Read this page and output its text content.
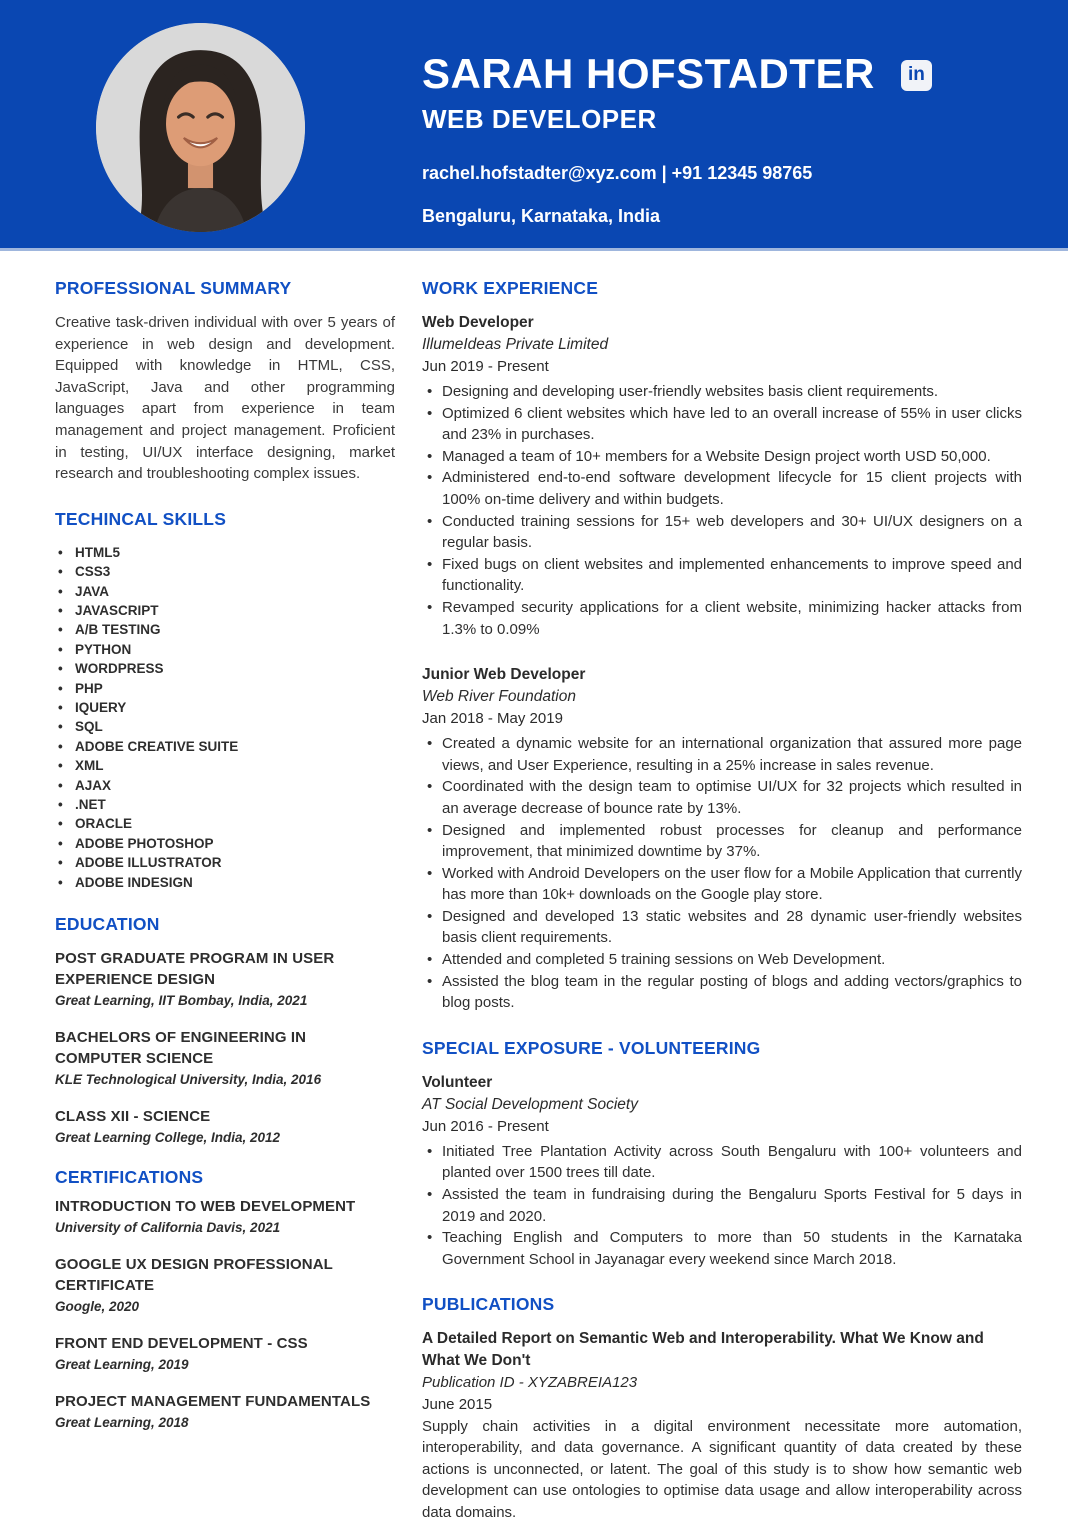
SARAH HOFSTADTER	in
WEB DEVELOPER
rachel.hofstadter@xyz.com | +91 12345 98765
Bengaluru, Karnataka, India
PROFESSIONAL SUMMARY

Creative task-driven individual with over 5 years of experience in web design and development. Equipped with knowledge in HTML, CSS, JavaScript, Java and other programming languages apart from experience in team management and project management. Proficient in testing, UI/UX interface designing, market research and troubleshooting complex issues.

TECHINCAL SKILLS
• HTML5
• CSS3
• JAVA
• JAVASCRIPT
• A/B TESTING
• PYTHON
• WORDPRESS
• PHP
• IQUERY
• SQL
• ADOBE CREATIVE SUITE
• XML
• AJAX
• .NET
• ORACLE
• ADOBE PHOTOSHOP
• ADOBE ILLUSTRATOR
• ADOBE INDESIGN
EDUCATION
POST GRADUATE PROGRAM IN USER EXPERIENCE DESIGN
Great Learning, IIT Bombay, India, 2021
BACHELORS OF ENGINEERING IN COMPUTER SCIENCE
KLE Technological University, India, 2016
CLASS XII - SCIENCE
Great Learning College, India, 2012
CERTIFICATIONS
INTRODUCTION TO WEB DEVELOPMENT
University of California Davis, 2021
GOOGLE UX DESIGN PROFESSIONAL CERTIFICATE
Google, 2020
FRONT END DEVELOPMENT - CSS
Great Learning, 2019
PROJECT MANAGEMENT FUNDAMENTALS
Great Learning, 2018
WORK EXPERIENCE
Web Developer
IllumeIdeas Private Limited
Jun 2019 - Present
• Designing and developing user-friendly websites basis client requirements.
• Optimized 6 client websites which have led to an overall increase of 55% in user clicks and 23% in purchases.
• Managed a team of 10+ members for a Website Design project worth USD 50,000.
• Administered end-to-end software development lifecycle for 15 client projects with 100% on-time delivery and within budgets.
• Conducted training sessions for 15+ web developers and 30+ UI/UX designers on a regular basis.
• Fixed bugs on client websites and implemented enhancements to improve speed and functionality.
• Revamped security applications for a client website, minimizing hacker attacks from 1.3% to 0.09%
Junior Web Developer
Web River Foundation
Jan 2018 - May 2019
• Created a dynamic website for an international organization that assured more page views, and User Experience, resulting in a 25% increase in sales revenue.
• Coordinated with the design team to optimise UI/UX for 32 projects which resulted in an average decrease of bounce rate by 13%.
• Designed and implemented robust processes for cleanup and performance improvement, that minimized downtime by 37%.
• Worked with Android Developers on the user flow for a Mobile Application that currently has more than 10k+ downloads on the Google play store.
• Designed and developed 13 static websites and 28 dynamic user-friendly websites basis client requirements.
• Attended and completed 5 training sessions on Web Development.
• Assisted the blog team in the regular posting of blogs and adding vectors/graphics to blog posts.
SPECIAL EXPOSURE - VOLUNTEERING
Volunteer
AT Social Development Society
Jun 2016 - Present
• Initiated Tree Plantation Activity across South Bengaluru with 100+ volunteers and planted over 1500 trees till date.
• Assisted the team in fundraising during the Bengaluru Sports Festival for 5 days in 2019 and 2020.
• Teaching English and Computers to more than 50 students in the Karnataka Government School in Jayanagar every weekend since March 2018.
PUBLICATIONS
A Detailed Report on Semantic Web and Interoperability. What We Know and What We Don't
Publication ID - XYZABREIA123
June 2015

Supply chain activities in a digital environment necessitate more automation, interoperability, and data governance. A significant quantity of data created by these actions is unconnected, or latent. The goal of this study is to show how semantic web development can use ontologies to optimise data usage and allow interoperability across data domains.
